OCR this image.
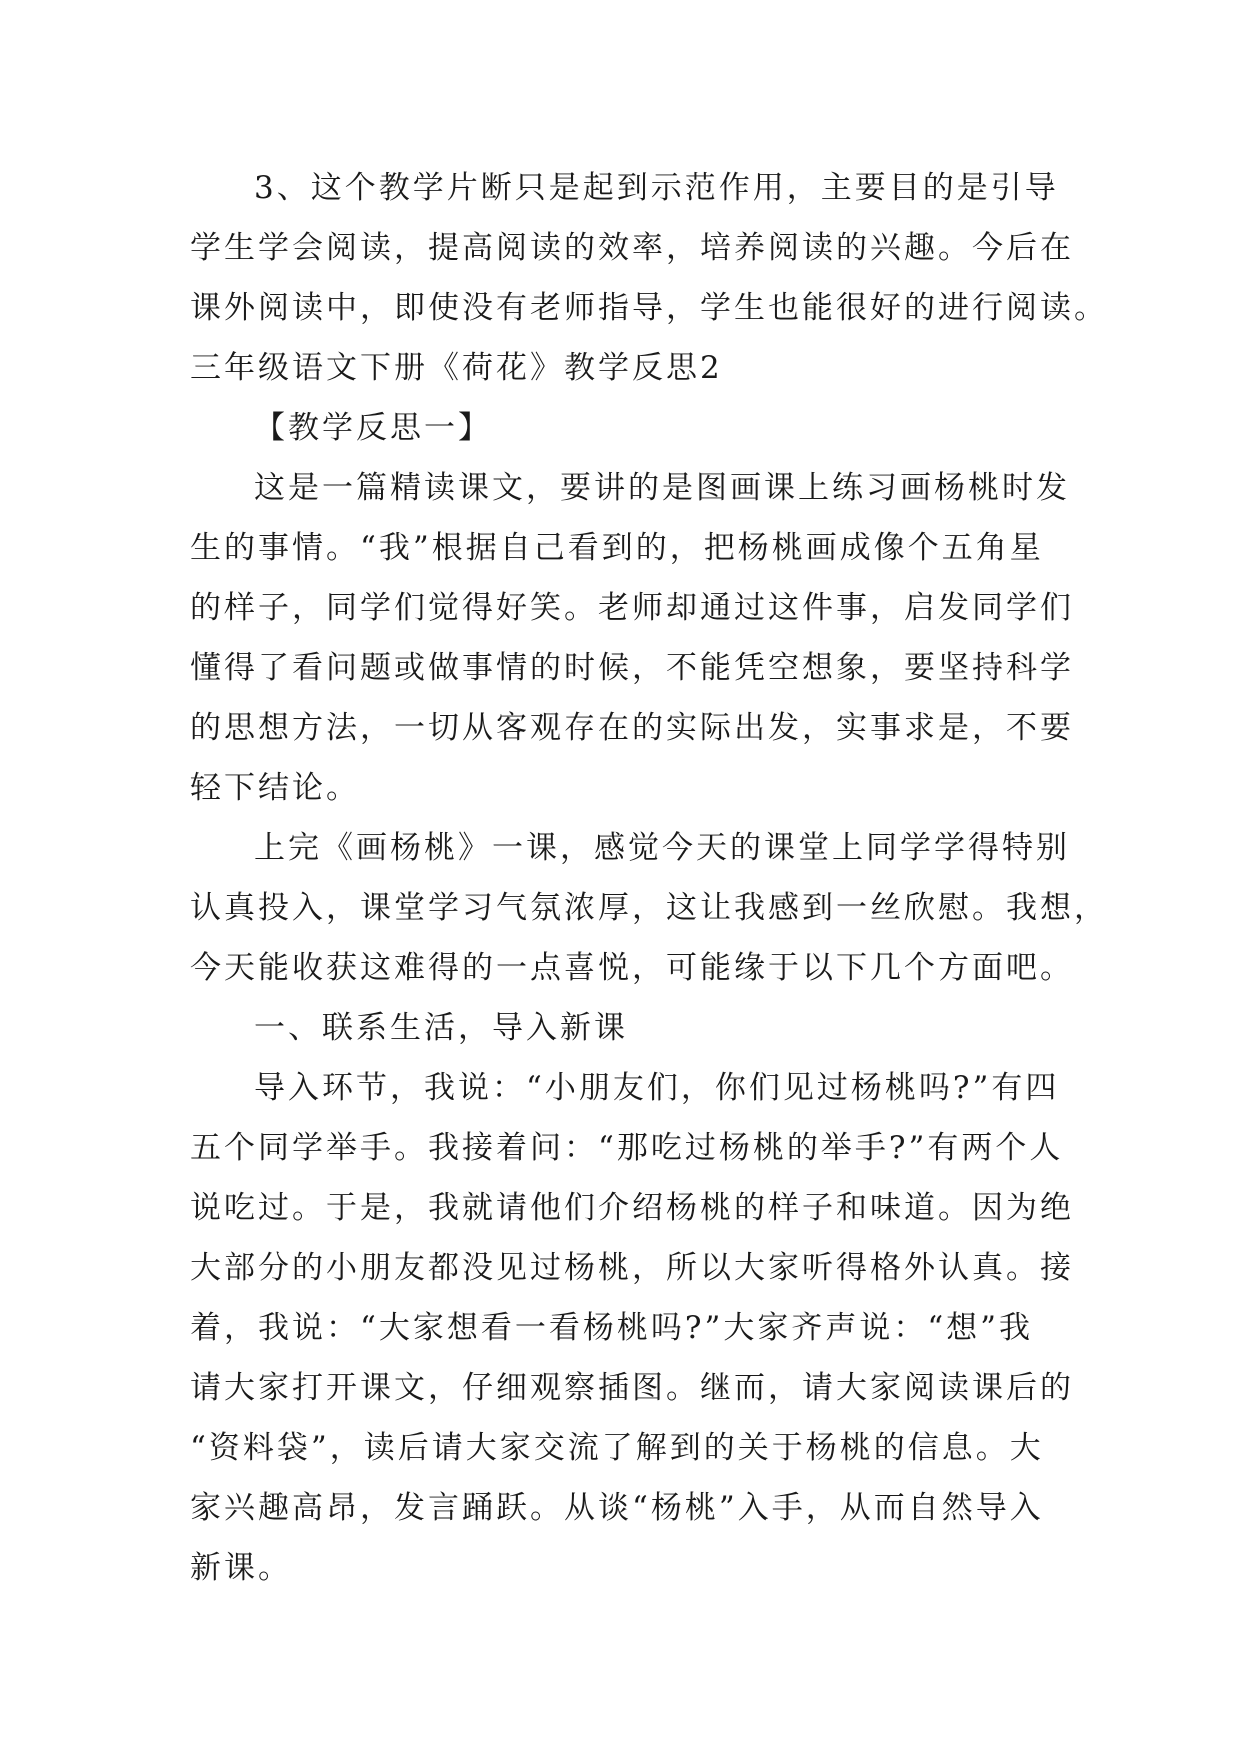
3、这个教学片断只是起到示范作用，主要目的是引导
学生学会阅读，提高阅读的效率，培养阅读的兴趣。今后在
课外阅读中，即使没有老师指导，学生也能很好的进行阅读。
三年级语文下册《荷花》教学反思2
【教学反思一】
这是一篇精读课文，要讲的是图画课上练习画杨桃时发
生的事情。“我”根据自己看到的，把杨桃画成像个五角星
的样子，同学们觉得好笑。老师却通过这件事，启发同学们
懂得了看问题或做事情的时候，不能凭空想象，要坚持科学
的思想方法，一切从客观存在的实际出发，实事求是，不要
轻下结论。
上完《画杨桃》一课，感觉今天的课堂上同学学得特别
认真投入，课堂学习气氛浓厚，这让我感到一丝欣慰。我想，
今天能收获这难得的一点喜悦，可能缘于以下几个方面吧。
一、联系生活，导入新课
导入环节，我说：“小朋友们，你们见过杨桃吗?”有四
五个同学举手。我接着问：“那吃过杨桃的举手?”有两个人
说吃过。于是，我就请他们介绍杨桃的样子和味道。因为绝
大部分的小朋友都没见过杨桃，所以大家听得格外认真。接
着，我说：“大家想看一看杨桃吗?”大家齐声说：“想”我
请大家打开课文，仔细观察插图。继而，请大家阅读课后的
“资料袋”，读后请大家交流了解到的关于杨桃的信息。大
家兴趣高昂，发言踊跃。从谈“杨桃”入手，从而自然导入
新课。
